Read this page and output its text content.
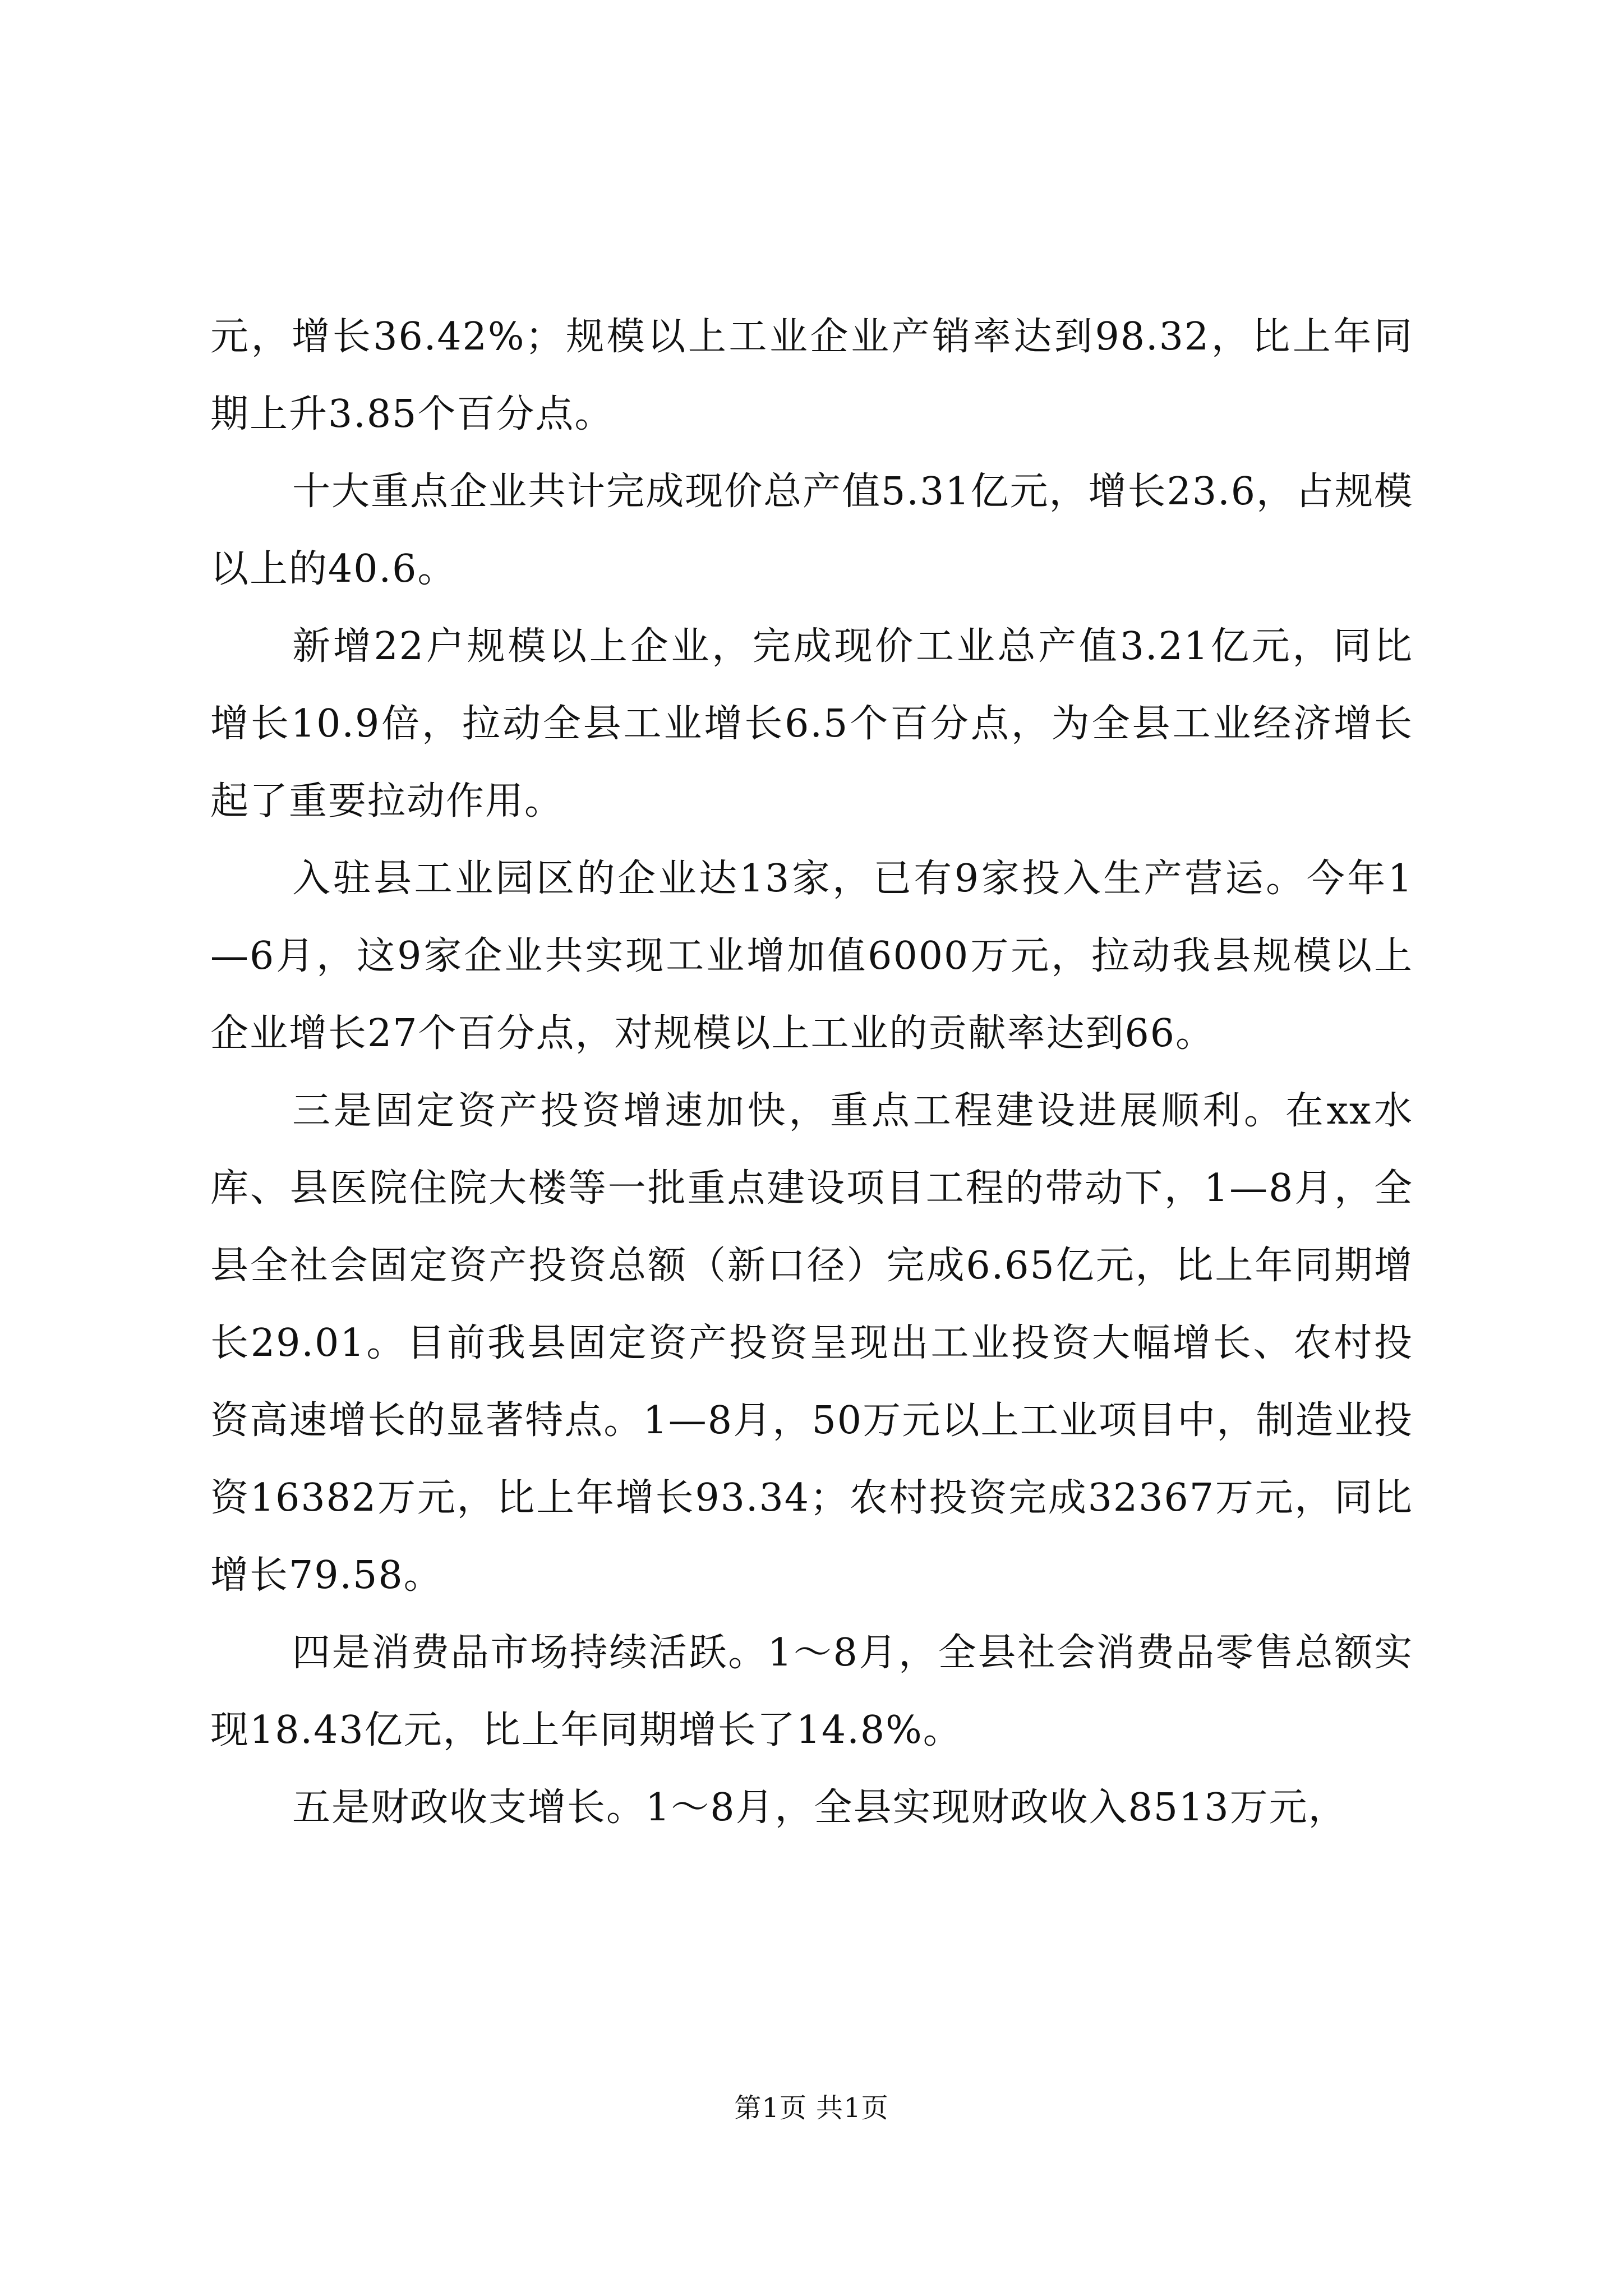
元，增长36.42%；规模以上工业企业产销率达到98.32，比上年同期上升3.85个百分点。

十大重点企业共计完成现价总产值5.31亿元，增长23.6，占规模以上的40.6。

新增22户规模以上企业，完成现价工业总产值3.21亿元，同比增长10.9倍，拉动全县工业增长6.5个百分点，为全县工业经济增长起了重要拉动作用。

入驻县工业园区的企业达13家，已有9家投入生产营运。今年1—6月，这9家企业共实现工业增加值6000万元，拉动我县规模以上企业增长27个百分点，对规模以上工业的贡献率达到66。

三是固定资产投资增速加快，重点工程建设进展顺利。在xx水库、县医院住院大楼等一批重点建设项目工程的带动下，1—8月，全县全社会固定资产投资总额（新口径）完成6.65亿元，比上年同期增长29.01。目前我县固定资产投资呈现出工业投资大幅增长、农村投资高速增长的显著特点。1—8月，50万元以上工业项目中，制造业投资16382万元，比上年增长93.34；农村投资完成32367万元，同比增长79.58。

四是消费品市场持续活跃。1～8月，全县社会消费品零售总额实现18.43亿元，比上年同期增长了14.8%。

五是财政收支增长。1～8月，全县实现财政收入8513万元，

第1页 共1页
